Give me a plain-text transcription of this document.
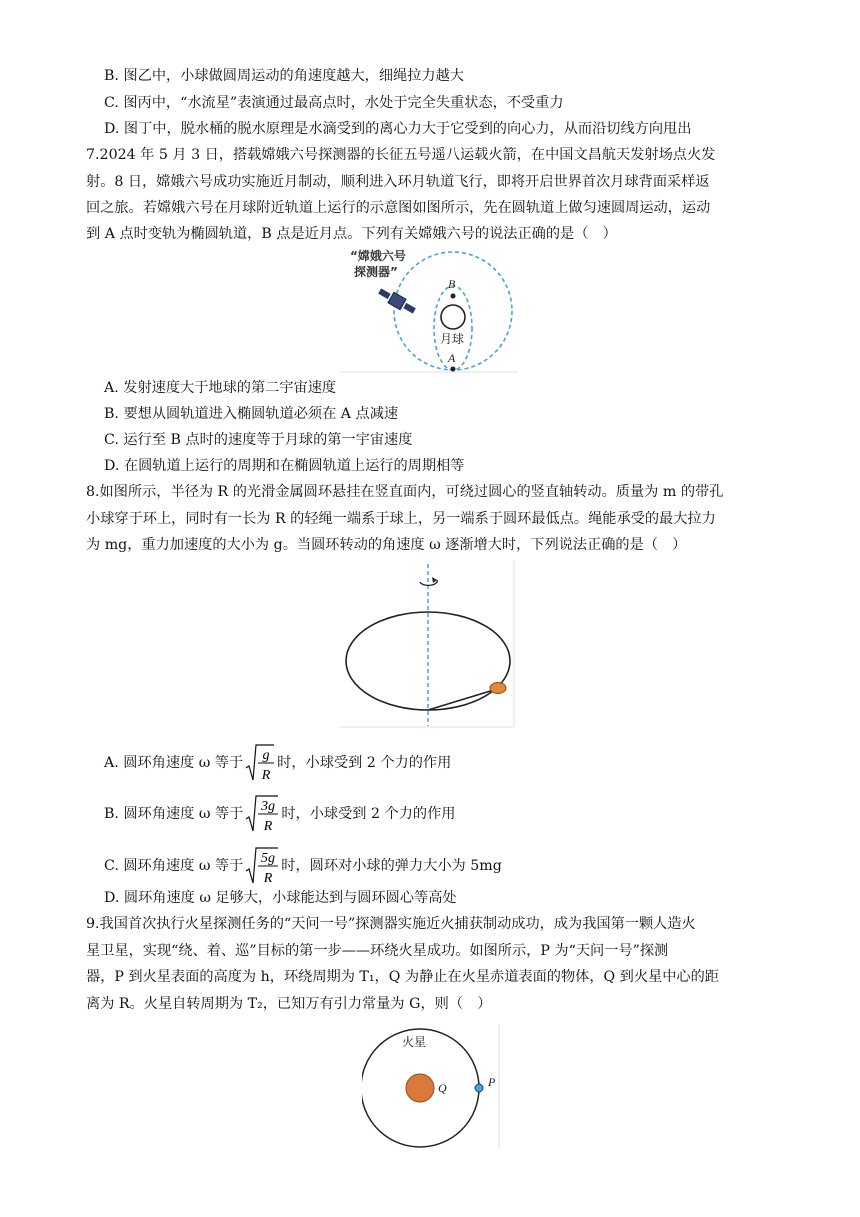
B. 图乙中，小球做圆周运动的角速度越大，细绳拉力越大
C. 图丙中，“水流星”表演通过最高点时，水处于完全失重状态，不受重力
D. 图丁中，脱水桶的脱水原理是水滴受到的离心力大于它受到的向心力，从而沿切线方向甩出
7.2024 年 5 月 3 日，搭载嫦娥六号探测器的长征五号遥八运载火箭，在中国文昌航天发射场点火发
射。8 日，嫦娥六号成功实施近月制动，顺利进入环月轨道飞行，即将开启世界首次月球背面采样返
回之旅。若嫦娥六号在月球附近轨道上运行的示意图如图所示，先在圆轨道上做匀速圆周运动，运动
到 A 点时变轨为椭圆轨道，B 点是近月点。下列有关嫦娥六号的说法正确的是（　）
“嫦娥六号
探测器”
B
月球
A
A. 发射速度大于地球的第二宇宙速度
B. 要想从圆轨道进入椭圆轨道必须在 A 点减速
C. 运行至 B 点时的速度等于月球的第一宇宙速度
D. 在圆轨道上运行的周期和在椭圆轨道上运行的周期相等
8.如图所示，半径为 R 的光滑金属圆环悬挂在竖直面内，可绕过圆心的竖直轴转动。质量为 m 的带孔
小球穿于环上，同时有一长为 R 的轻绳一端系于球上，另一端系于圆环最低点。绳能承受的最大拉力
为 mg，重力加速度的大小为 g。当圆环转动的角速度 ω 逐渐增大时，下列说法正确的是（　）
A. 圆环角速度 ω 等于 g
R
时，小球受到 2 个力的作用
B. 圆环角速度 ω 等于 3g
R
时，小球受到 2 个力的作用
C. 圆环角速度 ω 等于 5g
R
时，圆环对小球的弹力大小为 5mg
D. 圆环角速度 ω 足够大，小球能达到与圆环圆心等高处
9.我国首次执行火星探测任务的“天问一号”探测器实施近火捕获制动成功，成为我国第一颗人造火
星卫星，实现“绕、着、巡”目标的第一步——环绕火星成功。如图所示，P 为“天问一号”探测
器，P 到火星表面的高度为 h，环绕周期为 T₁，Q 为静止在火星赤道表面的物体，Q 到火星中心的距
离为 R。火星自转周期为 T₂，已知万有引力常量为 G，则（　）
火星
Q	P
